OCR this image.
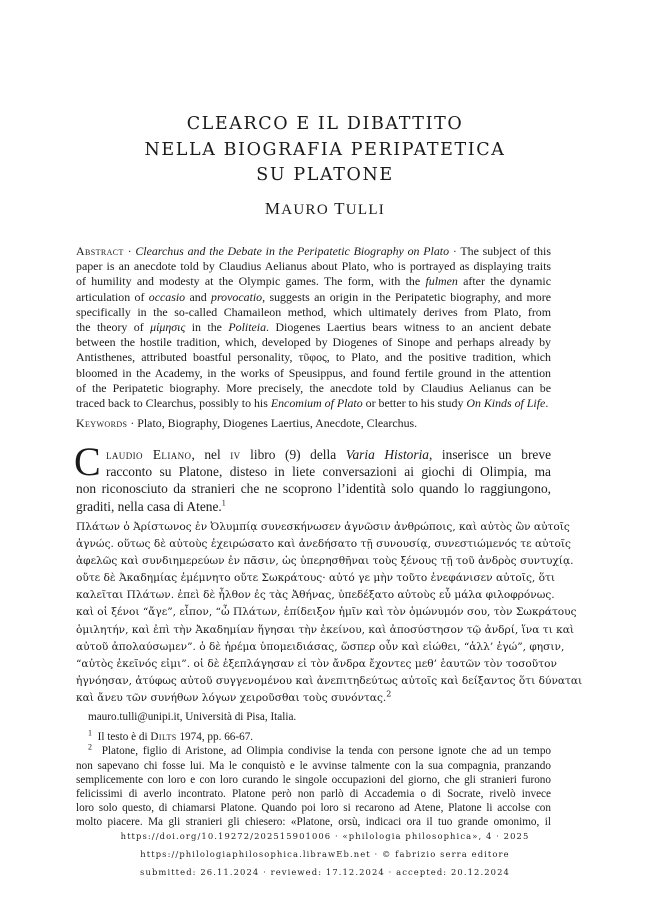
CLEARCO E IL DIBATTITO
NELLA BIOGRAFIA PERIPATETICA
SU PLATONE
MAURO TULLI
Abstract · Clearchus and the Debate in the Peripatetic Biography on Plato · The subject of this
paper is an anecdote told by Claudius Aelianus about Plato, who is portrayed as displaying traits
of humility and modesty at the Olympic games. The form, with the fulmen after the dynamic
articulation of occasio and provocatio, suggests an origin in the Peripatetic biography, and more
specifically in the so-called Chamaileon method, which ultimately derives from Plato, from
the theory of μίμησις in the Politeia. Diogenes Laertius bears witness to an ancient debate
between the hostile tradition, which, developed by Diogenes of Sinope and perhaps already by
Antisthenes, attributed boastful personality, τῦφος, to Plato, and the positive tradition, which
bloomed in the Academy, in the works of Speusippus, and found fertile ground in the attention
of the Peripatetic biography. More precisely, the anecdote told by Claudius Aelianus can be
traced back to Clearchus, possibly to his Encomium of Plato or better to his study On Kinds of Life.
Keywords · Plato, Biography, Diogenes Laertius, Anecdote, Clearchus.
C laudio Eliano, nel iv libro (9) della Varia Historia, inserisce un breve
racconto su Platone, disteso in liete conversazioni ai giochi di Olimpia, ma
non riconosciuto da stranieri che ne scoprono l’identità solo quando lo raggiungono,
graditi, nella casa di Atene.$^1$
Πλάτων ὁ Ἀρίστωνος ἐν Ὀλυμπίᾳ συνεσκήνωσεν ἀγνῶσιν ἀνθρώποις, καὶ αὐτὸς ὢν αὐτοῖς
ἀγνώς. οὕτως δὲ αὐτοὺς ἐχειρώσατο καὶ ἀνεδήσατο τῇ συνουσίᾳ, συνεστιώμενός τε αὐτοῖς
ἀφελῶς καὶ συνδιημερεύων ἐν πᾶσιν, ὡς ὑπερησθῆναι τοὺς ξένους τῇ τοῦ ἀνδρὸς συντυχίᾳ.
οὔτε δὲ Ἀκαδημίας ἐμέμνητο οὔτε Σωκράτους· αὐτό γε μὴν τοῦτο ἐνεφάνισεν αὐτοῖς, ὅτι
καλεῖται Πλάτων. ἐπεὶ δὲ ἦλθον ἐς τὰς Ἀθήνας, ὑπεδέξατο αὐτοὺς εὖ μάλα φιλοφρόνως.
καὶ οἱ ξένοι “ἄγε”, εἶπον, “ὦ Πλάτων, ἐπίδειξον ἡμῖν καὶ τὸν ὁμώνυμόν σου, τὸν Σωκράτους
ὁμιλητήν, καὶ ἐπὶ τὴν Ἀκαδημίαν ἥγησαι τὴν ἐκείνου, καὶ ἀποσύστησον τῷ ἀνδρί, ἵνα τι καὶ
αὐτοῦ ἀπολαύσωμεν”. ὁ δὲ ἠρέμα ὑπομειδιάσας, ὥσπερ οὖν καὶ εἰώθει, “ἀλλ’ ἐγώ”, φησιν,
“αὐτὸς ἐκεῖνός εἰμι”. οἱ δὲ ἐξεπλάγησαν εἰ τὸν ἄνδρα ἔχοντες μεθ’ ἑαυτῶν τὸν τοσοῦτον
ἠγνόησαν, ἀτύφως αὐτοῦ συγγενομένου καὶ ἀνεπιτηδεύτως αὐτοῖς καὶ δείξαντος ὅτι δύναται
καὶ ἄνευ τῶν συνήθων λόγων χειροῦσθαι τοὺς συνόντας.$^2$
mauro.tulli@unipi.it, Università di Pisa, Italia.
$^1$ Il testo è di Dilts 1974, pp. 66-67.
$^2$ Platone, figlio di Aristone, ad Olimpia condivise la tenda con persone ignote che ad un tempo
non sapevano chi fosse lui. Ma le conquistò e le avvinse talmente con la sua compagnia, pranzando
semplicemente con loro e con loro curando le singole occupazioni del giorno, che gli stranieri furono
felicissimi di averlo incontrato. Platone però non parlò di Accademia o di Socrate, rivelò invece
loro solo questo, di chiamarsi Platone. Quando poi loro si recarono ad Atene, Platone li accolse con
molto piacere. Ma gli stranieri gli chiesero: «Platone, orsù, indicaci ora il tuo grande omonimo, il
https://doi.org/10.19272/202515901006 · «philologia philosophica», 4 · 2025
https://philologiaphilosophica.librawEb.net · © fabrizio serra editore
submitted: 26.11.2024 · reviewed: 17.12.2024 · accepted: 20.12.2024
